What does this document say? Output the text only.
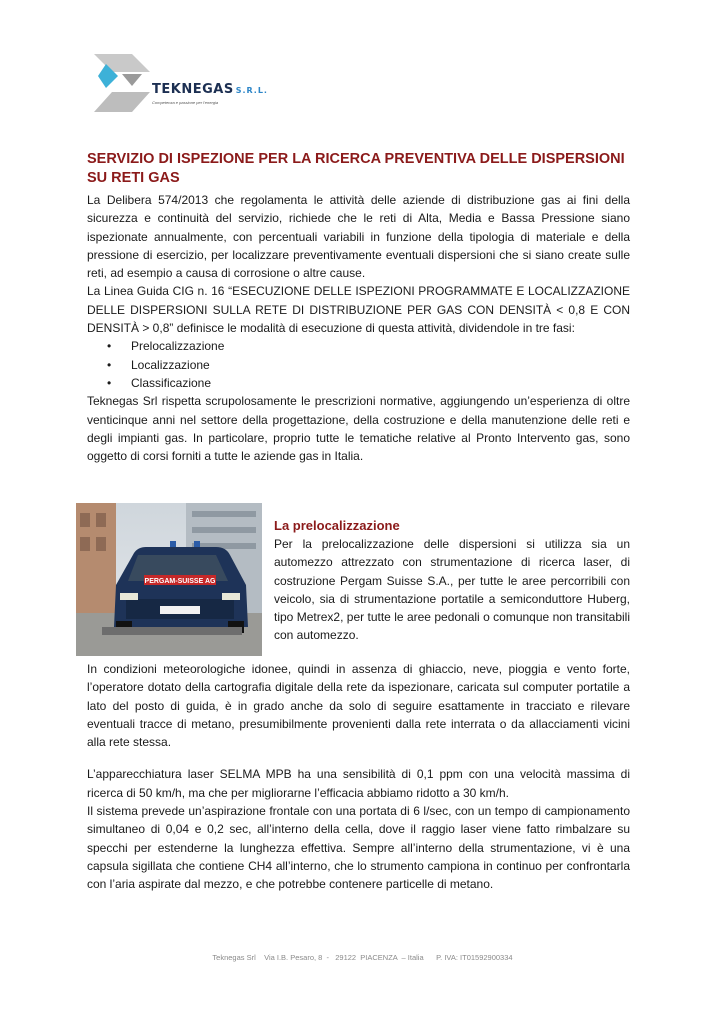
TEKNEGAS S.R.L.
Competenza e passione per l'energia
SERVIZIO DI ISPEZIONE PER LA RICERCA PREVENTIVA DELLE DISPERSIONI SU RETI GAS

La Delibera 574/2013 che regolamenta le attività delle aziende di distribuzione gas ai fini della sicurezza e continuità del servizio, richiede che le reti di Alta, Media e Bassa Pressione siano ispezionate annualmente, con percentuali variabili in funzione della tipologia di materiale e della pressione di esercizio, per localizzare preventivamente eventuali dispersioni che si siano create sulle reti, ad esempio a causa di corrosione o altre cause.

La Linea Guida CIG n. 16 “ESECUZIONE DELLE ISPEZIONI PROGRAMMATE E LOCALIZZAZIONE DELLE DISPERSIONI SULLA RETE DI DISTRIBUZIONE PER GAS CON DENSITÀ < 0,8 E CON DENSITÀ > 0,8” definisce le modalità di esecuzione di questa attività, dividendole in tre fasi:

• Prelocalizzazione
• Localizzazione
• Classificazione

Teknegas Srl rispetta scrupolosamente le prescrizioni normative, aggiungendo un’esperienza di oltre venticinque anni nel settore della progettazione, della costruzione e della manutenzione delle reti e degli impianti gas. In particolare, proprio tutte le tematiche relative al Pronto Intervento gas, sono oggetto di corsi forniti a tutte le aziende gas in Italia.

PERGAM-SUISSE AG
La prelocalizzazione

Per la prelocalizzazione delle dispersioni si utilizza sia un automezzo attrezzato con strumentazione di ricerca laser, di costruzione Pergam Suisse S.A., per tutte le aree percorribili con veicolo, sia di strumentazione portatile a semiconduttore Huberg, tipo Metrex2, per tutte le aree pedonali o comunque non transitabili con automezzo.

In condizioni meteorologiche idonee, quindi in assenza di ghiaccio, neve, pioggia e vento forte, l’operatore dotato della cartografia digitale della rete da ispezionare, caricata sul computer portatile a lato del posto di guida, è in grado anche da solo di seguire esattamente in tracciato e rilevare eventuali tracce di metano, presumibilmente provenienti dalla rete interrata o da allacciamenti vicini alla rete stessa.

L’apparecchiatura laser SELMA MPB ha una sensibilità di 0,1 ppm con una velocità massima di ricerca di 50 km/h, ma che per migliorarne l’efficacia abbiamo ridotto a 30 km/h.

Il sistema prevede un’aspirazione frontale con una portata di 6 l/sec, con un tempo di campionamento simultaneo di 0,04 e 0,2 sec, all’interno della cella, dove il raggio laser viene fatto rimbalzare su specchi per estenderne la lunghezza effettiva. Sempre all’interno della strumentazione, vi è una capsula sigillata che contiene CH4 all’interno, che lo strumento campiona in continuo per confrontarla con l’aria aspirate dal mezzo, e che potrebbe contenere particelle di metano.

Teknegas Srl    Via I.B. Pesaro, 8  -   29122  PIACENZA  – Italia      P. IVA: IT01592900334
